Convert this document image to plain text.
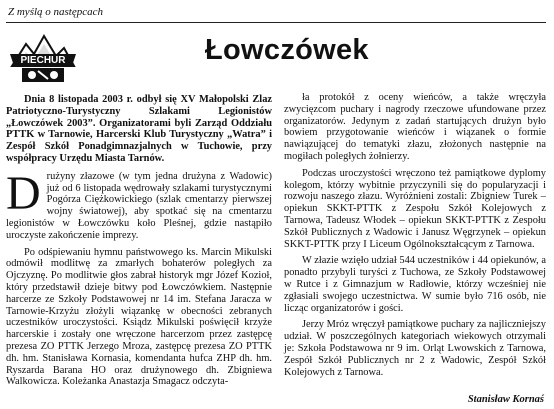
Z myślą o następcach
PIECHUR	Łowczówek

Dnia 8 listopada 2003 r. odbył się XV Małopolski Zlaz Patriotyczno-Turystyczny Szlakami Legionistów „Łowczówek 2003”. Organizatorami byli Zarząd Oddziału PTTK w Tarnowie, Harcerski Klub Turystyczny „Watra” i Zespół Szkół Ponadgimnazjalnych w Tuchowie, przy współpracy Urzędu Miasta Tarnów.

D rużyny złazowe (w tym jedna drużyna z Wadowic) już od 6 listopada wędrowały szlakami turystycznymi Pogórza Ciężkowickiego (szlak cmentarzy pierwszej wojny światowej), aby spotkać się na cmentarzu legionistów w Łowczówku koło Pleśnej, gdzie nastąpiło uroczyste zakończenie imprezy.

Po odśpiewaniu hymnu państwowego ks. Marcin Mikulski odmówił modlitwę za zmarłych bohaterów poległych za Ojczyznę. Po modlitwie głos zabrał historyk mgr Józef Kozioł, który przedstawił dzieje bitwy pod Łowczówkiem. Następnie harcerze ze Szkoły Podstawowej nr 14 im. Stefana Jaracza w Tarnowie-Krzyżu złożyli wiązankę w obecności zebranych uczestników uroczystości. Ksiądz Mikulski poświęcił krzyże harcerskie i zostały one wręczone harcerzom przez zastępcę prezesa ZO PTTK Jerzego Mroza, zastępcę prezesa ZO PTTK dh. hm. Stanisława Kornasia, komendanta hufca ZHP dh. hm. Ryszarda Barana HO oraz drużynowego dh. Zbigniewa Walkowicza. Koleżanka Anastazja Smagacz odczyta-

ła protokół z oceny wieńców, a także wręczyła zwycięzcom puchary i nagrody rzeczowe ufundowane przez organizatorów. Jedynym z zadań startujących drużyn było bowiem przygotowanie wieńców i wiązanek o formie nawiązującej do tematyki złazu, złożonych następnie na mogiłach poległych żołnierzy.

Podczas uroczystości wręczono też pamiątkowe dyplomy kolegom, którzy wybitnie przyczynili się do popularyzacji i rozwoju naszego złazu. Wyróżnieni zostali: Zbigniew Turek – opiekun SKKT-PTTK z Zespołu Szkół Kolejowych z Tarnowa, Tadeusz Włodek – opiekun SKKT-PTTK z Zespołu Szkół Publicznych z Wadowic i Janusz Węgrzynek – opiekun SKKT-PTTK przy I Liceum Ogólnokształcącym z Tarnowa.

W złazie wzięło udział 544 uczestników i 44 opiekunów, a ponadto przybyli turyści z Tuchowa, ze Szkoły Podstawowej w Rutce i z Gimnazjum w Radłowie, którzy wcześniej nie zgłasiali swojego uczestnictwa. W sumie było 716 osób, nie licząc organizatorów i gości.

Jerzy Mróz wręczył pamiątkowe puchary za najliczniejszy udział. W poszczególnych kategoriach wiekowych otrzymali je: Szkoła Podstawowa nr 9 im. Orląt Lwowskich z Tarnowa, Zespół Szkół Publicznych nr 2 z Wadowic, Zespół Szkół Kolejowych z Tarnowa.

Stanisław Kornaś
